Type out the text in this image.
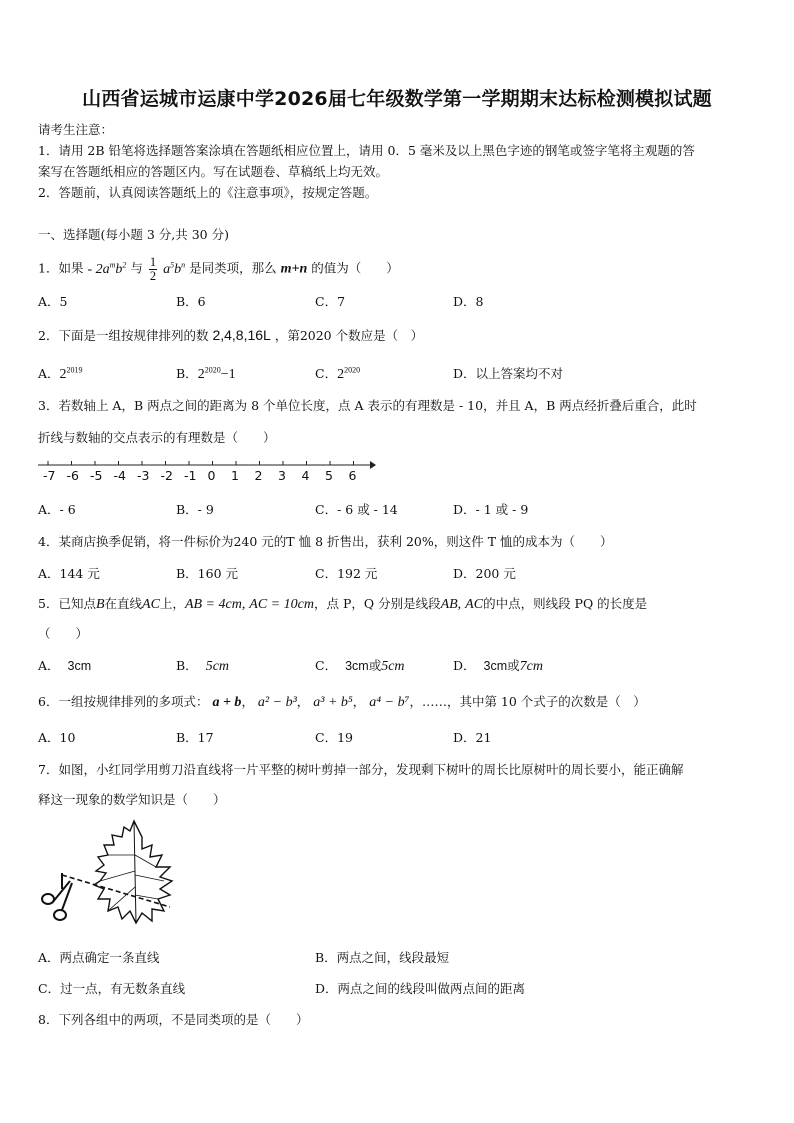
山西省运城市运康中学2026届七年级数学第一学期期末达标检测模拟试题
请考生注意：
1．请用 2B 铅笔将选择题答案涂填在答题纸相应位置上，请用 0．5 毫米及以上黑色字迹的钢笔或签字笔将主观题的答
案写在答题纸相应的答题区内。写在试题卷、草稿纸上均无效。
2．答题前，认真阅读答题纸上的《注意事项》，按规定答题。
一、选择题(每小题 3 分,共 30 分)
1．如果 - $2a^mb^2$ 与 $\frac{1}{2} a^5b^n$ 是同类项，那么 m+n 的值为（　　）
A．5	B．6	C．7	D．8
2．下面是一组按规律排列的数 2,4,8,16L ，第2020 个数应是（　）
A．$2^{2019}$	B．$2^{2020}-1$	C．$2^{2020}$	D．以上答案均不对
3．若数轴上 A，B 两点之间的距离为 8 个单位长度，点 A 表示的有理数是 - 10，并且 A，B 两点经折叠后重合，此时
折线与数轴的交点表示的有理数是（　　）
-7 -6 -5 -4 -3 -2 -1 0 1 2 3 4 5 6
A．- 6	B．- 9	C．- 6 或 - 14	D．- 1 或 - 9
4．某商店换季促销，将一件标价为240 元的T 恤 8 折售出，获利 20%，则这件 T 恤的成本为（　　）
A．144 元	B．160 元	C．192 元	D．200 元
5．已知点B在直线AC上，AB = 4cm, AC = 10cm，点 P，Q 分别是线段AB, AC的中点，则线段 PQ 的长度是
（　　）
A． 3cm	B． 5cm	C． 3cm或5cm	D． 3cm或7cm
6．一组按规律排列的多项式： a + b， a² − b³， a³ + b⁵， a⁴ − b⁷，……，其中第 10 个式子的次数是（　）
A．10	B．17	C．19	D．21
7．如图，小红同学用剪刀沿直线将一片平整的树叶剪掉一部分，发现剩下树叶的周长比原树叶的周长要小，能正确解
释这一现象的数学知识是（　　）
A．两点确定一条直线	B．两点之间，线段最短
C．过一点，有无数条直线	D．两点之间的线段叫做两点间的距离
8．下列各组中的两项，不是同类项的是（　　）
